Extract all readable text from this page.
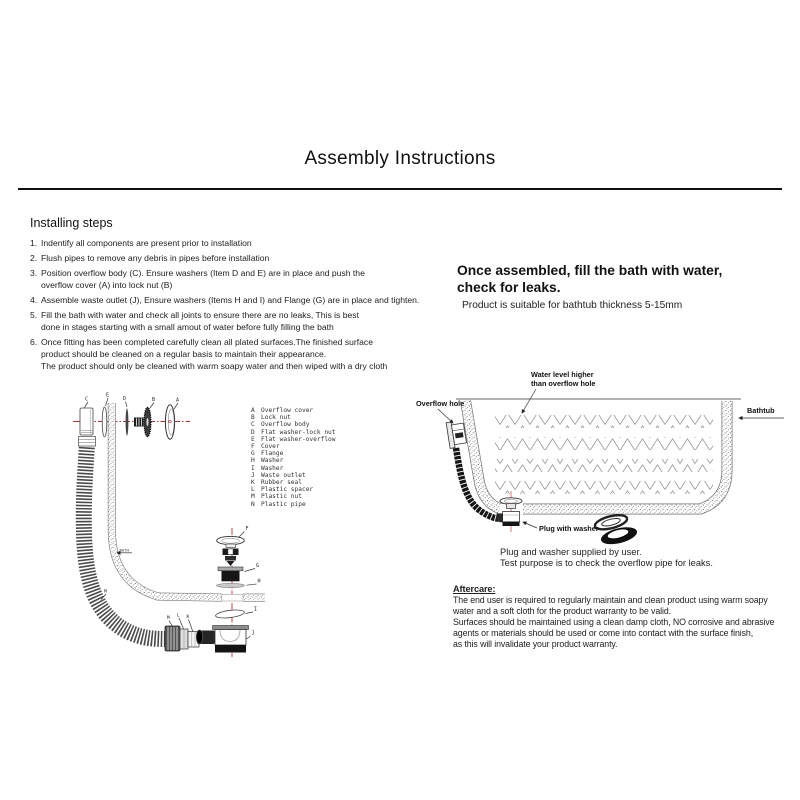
Assembly Instructions
Installing steps
1. Indentify all components are present prior to installation
2. Flush pipes to remove any debris in pipes before installation
3. Position overflow body (C). Ensure washers (Item D and E) are in place and push the
overflow cover (A) into lock nut (B)
4. Assemble waste outlet (J), Ensure washers (Items H and I) and Flange (G) are in place and tighten.
5. Fill the bath with water and check all joints to ensure there are no leaks, This is best
done in stages starting with a small amout of water before fully filling the bath
6. Once fitting has been completed carefully clean all plated surfaces.The finished surface
product should be cleaned on a regular basis to maintain their appearance.
The product should only be cleaned with warm soapy water and then wiped with a dry cloth
Once assembled, fill the bath with water,
check for leaks.
Product is suitable for bathtub thickness 5-15mm
M L K
N
BATH
C
E
D	B	A
F
G
H
I
J
A Overflow cover
B Lock nut
C Overflow body
D Flat washer-lock nut
E Flat washer-overflow
F Cover
G Flange
H Washer
I Washer
J Waste outlet
K Rubber seal
L Plastic spacer
M Plastic nut
N Plastic pipe
Water level higher
than overflow hole
Overflow hole
Bathtub
Plug with washer
Plug and washer supplied by user.
Test purpose is to check the overflow pipe for leaks.
Aftercare:
The end user is required to regularly maintain and clean product using warm soapy
water and a soft cloth for the product warranty to be valid.
Surfaces should be maintained using a clean damp cloth, NO corrosive and abrasive
agents or materials should be used or come into contact with the surface finish,
as this will invalidate your product warranty.
